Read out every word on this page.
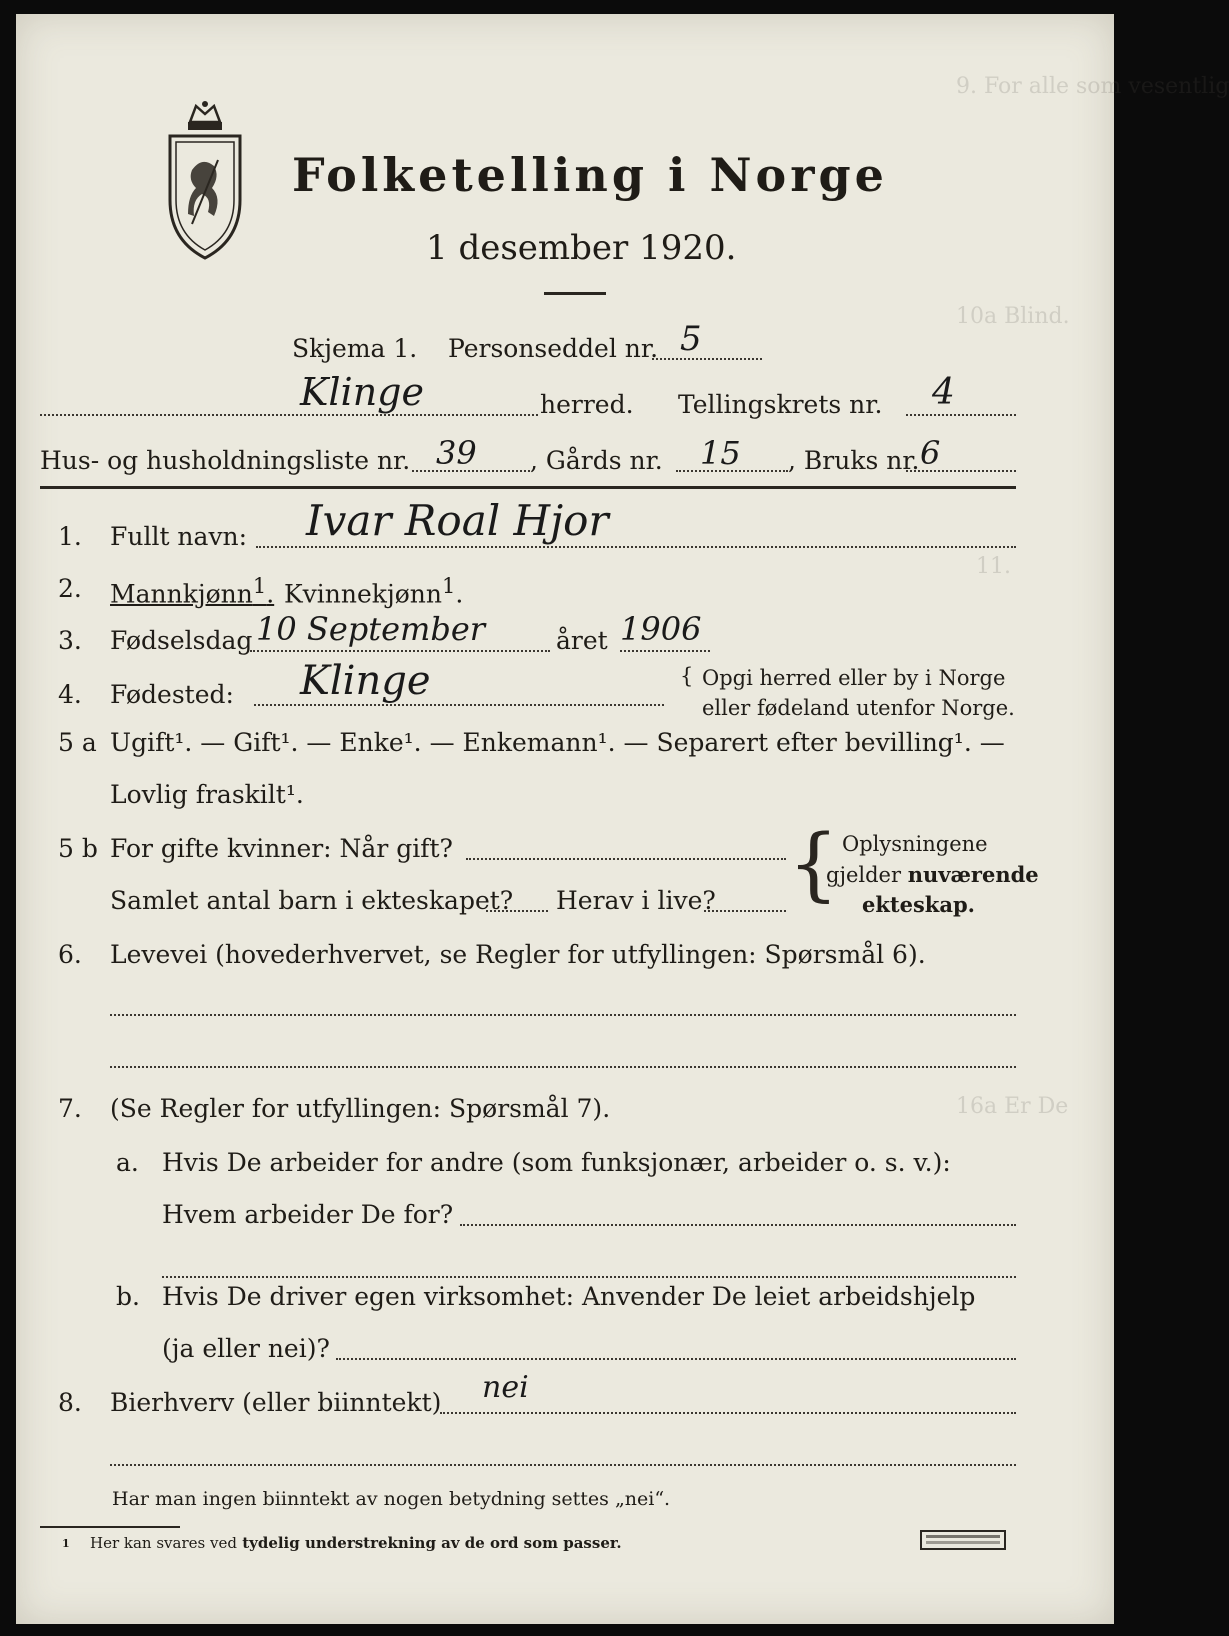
9. For alle som vesentlig
10a Blind.
11.
16a Er De
Folketelling i Norge
1 desember 1920.
Skjema 1. Personseddel nr. 5
Klinge	herred. Tellingskrets nr. 4
Hus- og husholdningsliste nr. 39 , Gårds nr. 15 , Bruks nr. 6
1. Fullt navn: Ivar Roal Hjor
2. Mannkjønn$^1$. Kvinnekjønn$^1$.
3. Fødselsdag 10 September	året 1906
4. Fødested: Klinge	{ Opgi herred eller by i Norge
eller fødeland utenfor Norge.
5 a Ugift¹. — Gift¹. — Enke¹. — Enkemann¹. — Separert efter bevilling¹. —
Lovlig fraskilt¹.
5 b For gifte kvinner: Når gift?
Samlet antal barn i ekteskapet? Herav i live? { Oplysningene
gjelder nuværende
ekteskap.
6. Levevei (hovederhvervet, se Regler for utfyllingen: Spørsmål 6).
7. (Se Regler for utfyllingen: Spørsmål 7).
a. Hvis De arbeider for andre (som funksjonær, arbeider o. s. v.):
Hvem arbeider De for?
b. Hvis De driver egen virksomhet: Anvender De leiet arbeidshjelp
(ja eller nei)?
8. Bierhverv (eller biinntekt) nei
Har man ingen biinntekt av nogen betydning settes „nei“.
1 Her kan svares ved tydelig understrekning av de ord som passer.
